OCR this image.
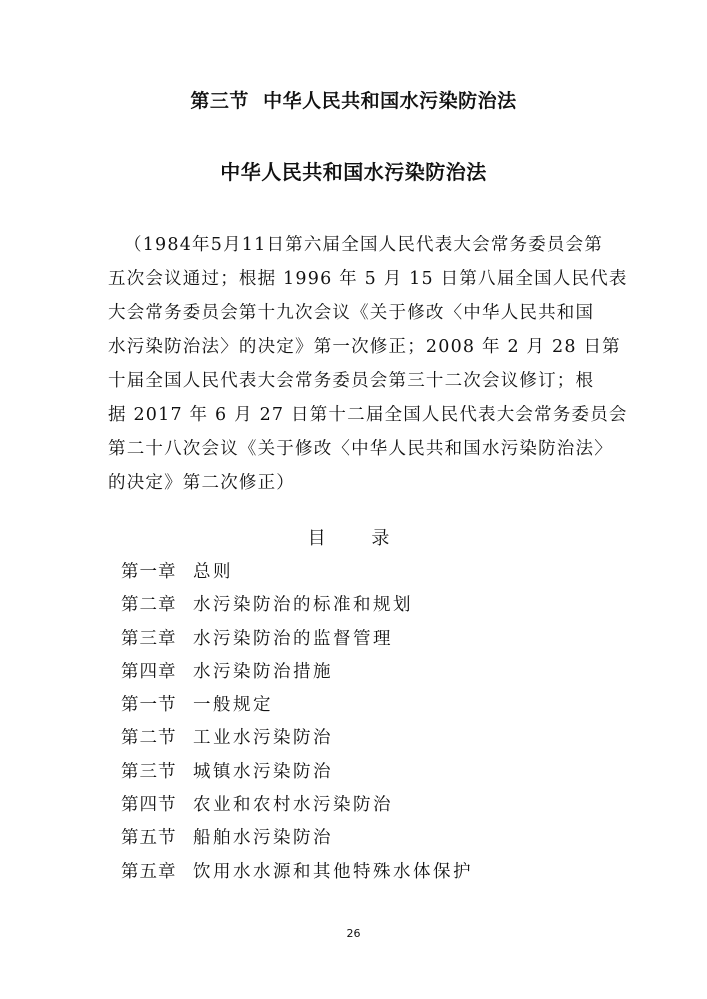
第三节  中华人民共和国水污染防治法
中华人民共和国水污染防治法
（1984年5月11日第六届全国人民代表大会常务委员会第
五次会议通过；根据 1996 年 5 月 15 日第八届全国人民代表
大会常务委员会第十九次会议《关于修改〈中华人民共和国
水污染防治法〉的决定》第一次修正；2008 年 2 月 28 日第
十届全国人民代表大会常务委员会第三十二次会议修订；根
据 2017 年 6 月 27 日第十二届全国人民代表大会常务委员会
第二十八次会议《关于修改〈中华人民共和国水污染防治法〉
的决定》第二次修正）
目 录
第一章 总则
第二章 水污染防治的标准和规划
第三章 水污染防治的监督管理
第四章 水污染防治措施
第一节 一般规定
第二节 工业水污染防治
第三节 城镇水污染防治
第四节 农业和农村水污染防治
第五节 船舶水污染防治
第五章 饮用水水源和其他特殊水体保护
26
